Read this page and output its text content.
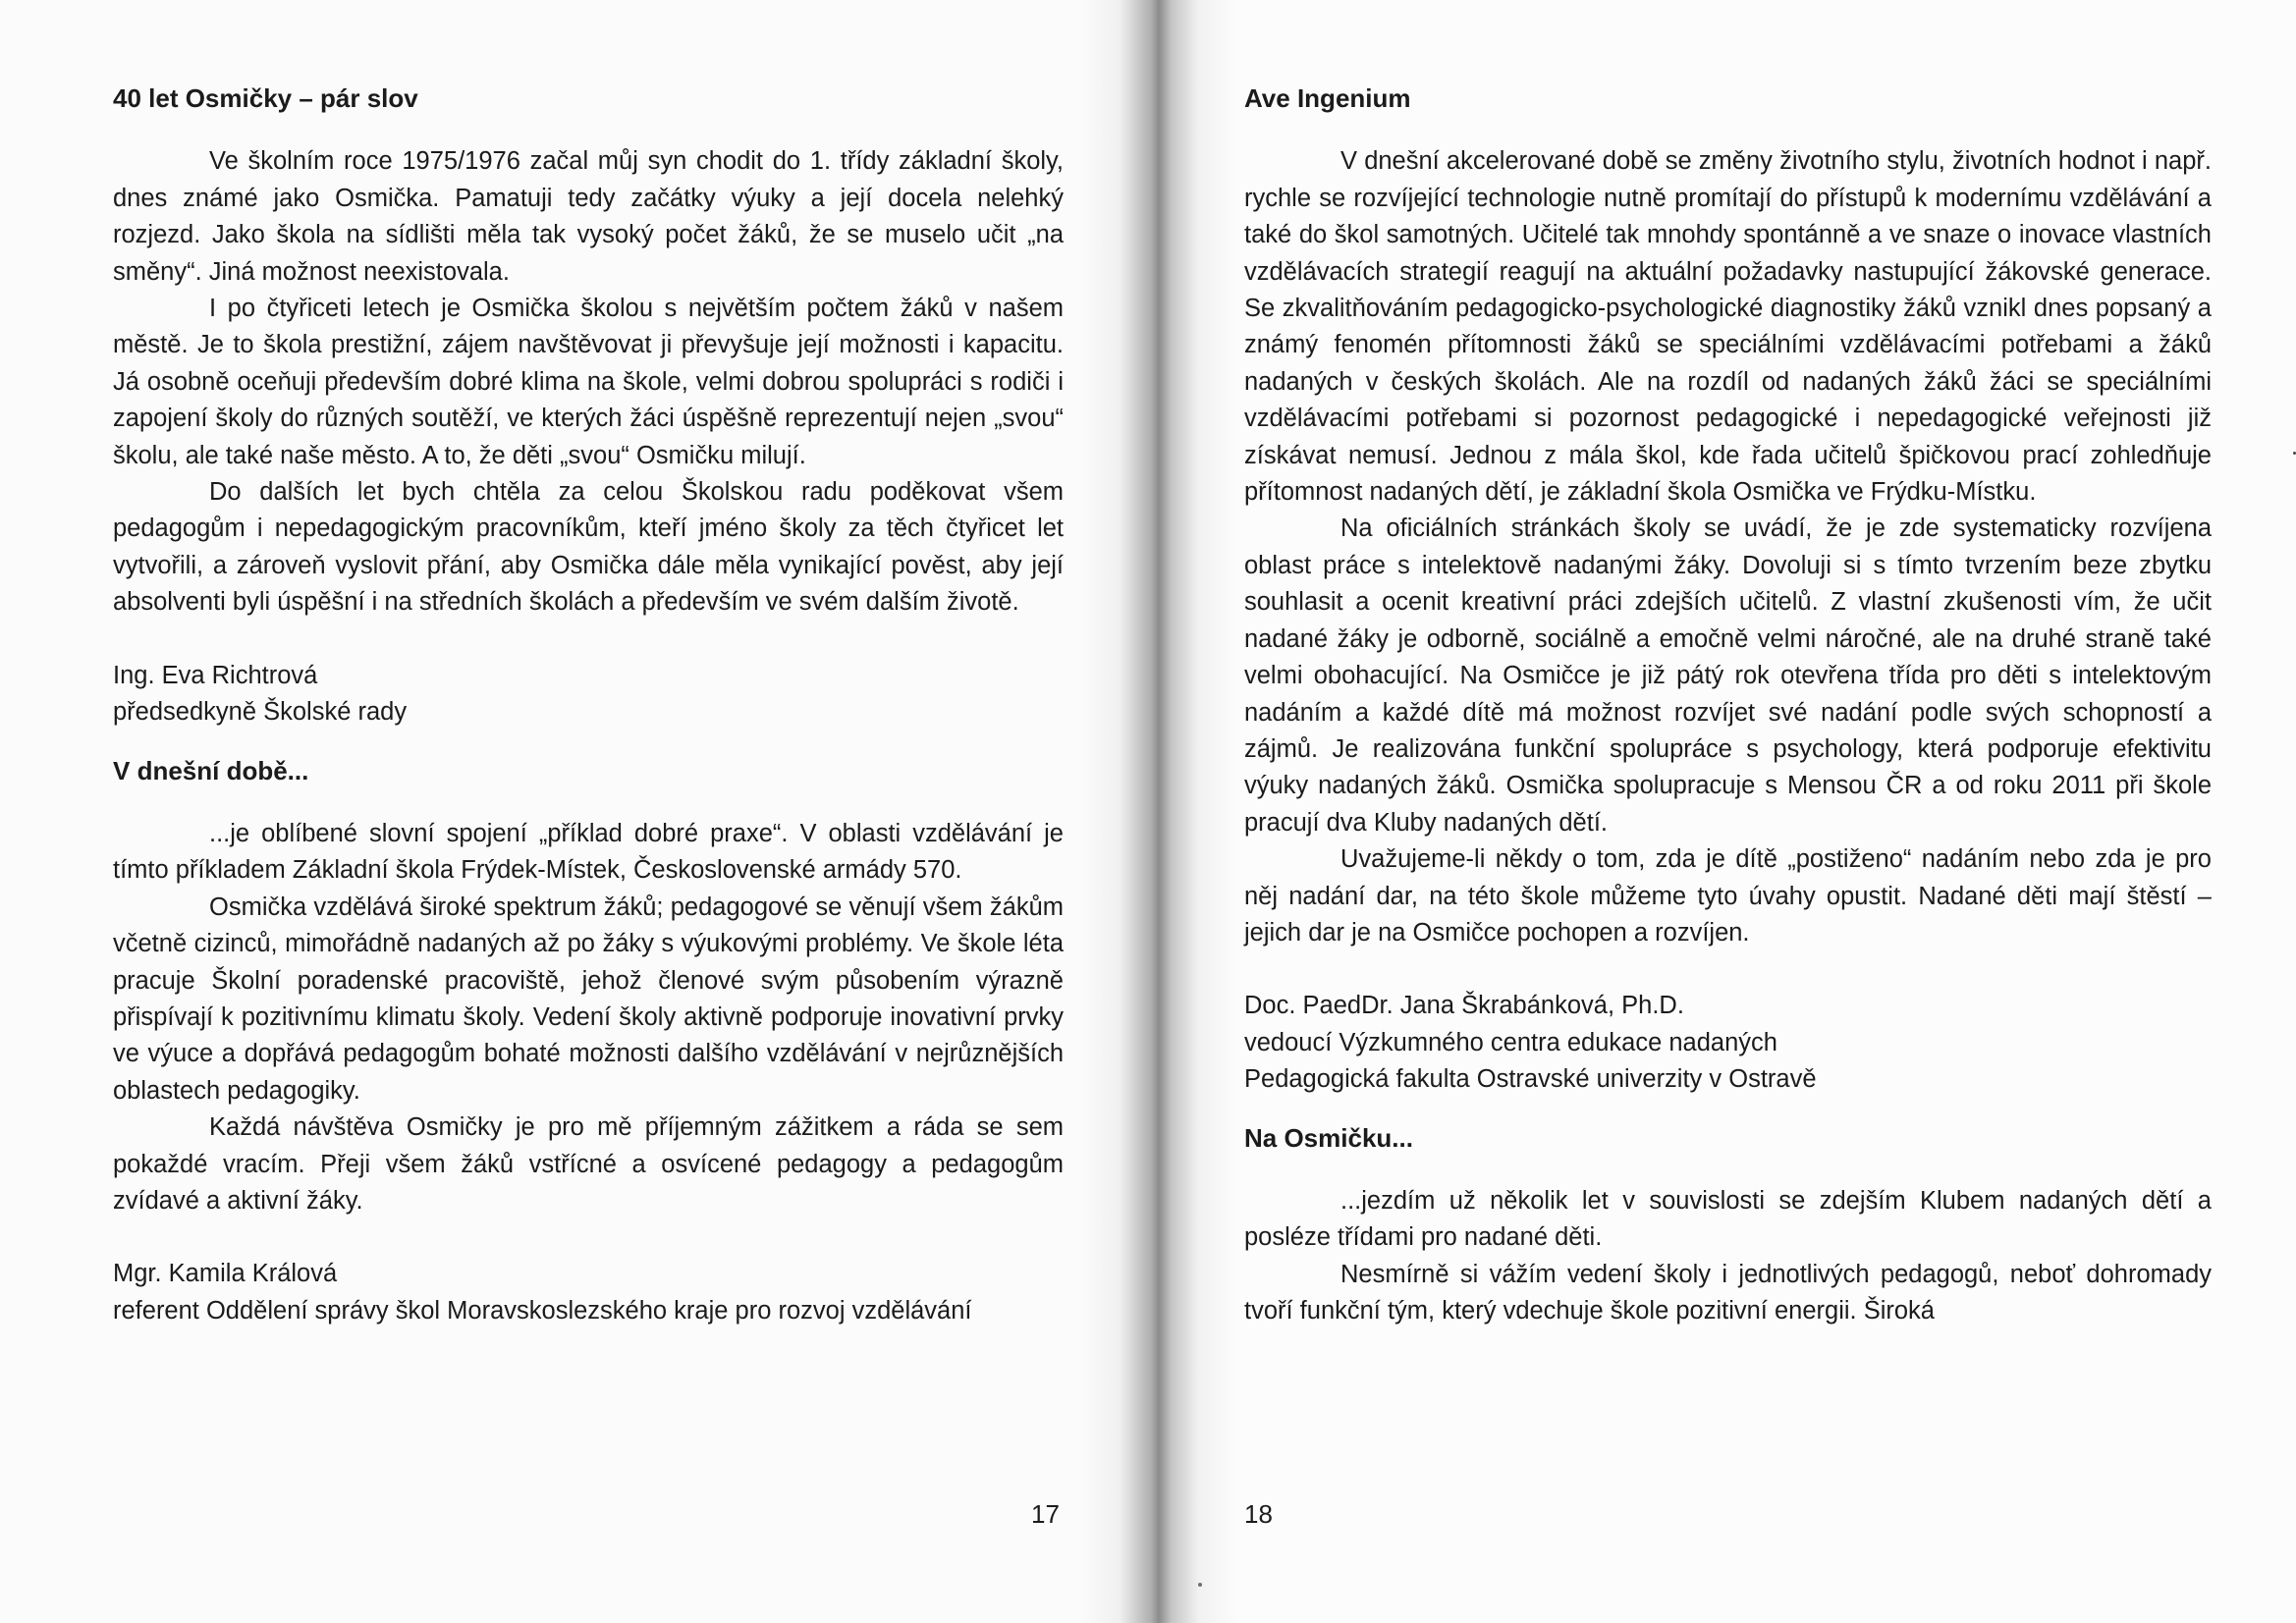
40 let Osmičky – pár slov

Ve školním roce 1975/1976 začal můj syn chodit do 1. třídy základní školy, dnes známé jako Osmička. Pamatuji tedy začátky výuky a její docela nelehký rozjezd. Jako škola na sídlišti měla tak vysoký počet žáků, že se muselo učit „na směny“. Jiná možnost neexistovala.

I po čtyřiceti letech je Osmička školou s největším počtem žáků v našem městě. Je to škola prestižní, zájem navštěvovat ji převyšuje její možnosti i kapacitu. Já osobně oceňuji především dobré klima na škole, velmi dobrou spolupráci s rodiči i zapojení školy do různých soutěží, ve kterých žáci úspěšně reprezentují nejen „svou“ školu, ale také naše město. A to, že děti „svou“ Osmičku milují.

Do dalších let bych chtěla za celou Školskou radu poděkovat všem pedagogům i nepedagogickým pracovníkům, kteří jméno školy za těch čtyřicet let vytvořili, a zároveň vyslovit přání, aby Osmička dále měla vynikající pověst, aby její absolventi byli úspěšní i na středních školách a především ve svém dalším životě.

Ing. Eva Richtrová

předsedkyně Školské rady

V dnešní době...

...je oblíbené slovní spojení „příklad dobré praxe“. V oblasti vzdělávání je tímto příkladem Základní škola Frýdek-Místek, Československé armády 570.

Osmička vzdělává široké spektrum žáků; pedagogové se věnují všem žákům včetně cizinců, mimořádně nadaných až po žáky s výukovými problémy. Ve škole léta pracuje Školní poradenské pracoviště, jehož členové svým působením výrazně přispívají k pozitivnímu klimatu školy. Vedení školy aktivně podporuje inovativní prvky ve výuce a dopřává pedagogům bohaté možnosti dalšího vzdělávání v nejrůznějších oblastech pedagogiky.

Každá návštěva Osmičky je pro mě příjemným zážitkem a ráda se sem pokaždé vracím. Přeji všem žáků vstřícné a osvícené pedagogy a pedagogům zvídavé a aktivní žáky.

Mgr. Kamila Králová

referent Oddělení správy škol Moravskoslezského kraje pro rozvoj vzdělávání

17

Ave Ingenium

V dnešní akcelerované době se změny životního stylu, životních hodnot i např. rychle se rozvíjející technologie nutně promítají do přístupů k modernímu vzdělávání a také do škol samotných. Učitelé tak mnohdy spontánně a ve snaze o inovace vlastních vzdělávacích strategií reagují na aktuální požadavky nastupující žákovské generace. Se zkvalitňováním pedagogicko-psychologické diagnostiky žáků vznikl dnes popsaný a známý fenomén přítomnosti žáků se speciálními vzdělávacími potřebami a žáků nadaných v českých školách. Ale na rozdíl od nadaných žáků žáci se speciálními vzdělávacími potřebami si pozornost pedagogické i nepedagogické veřejnosti již získávat nemusí. Jednou z mála škol, kde řada učitelů špičkovou prací zohledňuje přítomnost nadaných dětí, je základní škola Osmička ve Frýdku-Místku.

Na oficiálních stránkách školy se uvádí, že je zde systematicky rozvíjena oblast práce s intelektově nadanými žáky. Dovoluji si s tímto tvrzením beze zbytku souhlasit a ocenit kreativní práci zdejších učitelů. Z vlastní zkušenosti vím, že učit nadané žáky je odborně, sociálně a emočně velmi náročné, ale na druhé straně také velmi obohacující. Na Osmičce je již pátý rok otevřena třída pro děti s intelektovým nadáním a každé dítě má možnost rozvíjet své nadání podle svých schopností a zájmů. Je realizována funkční spolupráce s psychology, která podporuje efektivitu výuky nadaných žáků. Osmička spolupracuje s Mensou ČR a od roku 2011 při škole pracují dva Kluby nadaných dětí.

Uvažujeme-li někdy o tom, zda je dítě „postiženo“ nadáním nebo zda je pro něj nadání dar, na této škole můžeme tyto úvahy opustit. Nadané děti mají štěstí – jejich dar je na Osmičce pochopen a rozvíjen.

Doc. PaedDr. Jana Škrabánková, Ph.D.

vedoucí Výzkumného centra edukace nadaných

Pedagogická fakulta Ostravské univerzity v Ostravě

Na Osmičku...

...jezdím už několik let v souvislosti se zdejším Klubem nadaných dětí a posléze třídami pro nadané děti.

Nesmírně si vážím vedení školy i jednotlivých pedagogů, neboť dohromady tvoří funkční tým, který vdechuje škole pozitivní energii. Široká

18
